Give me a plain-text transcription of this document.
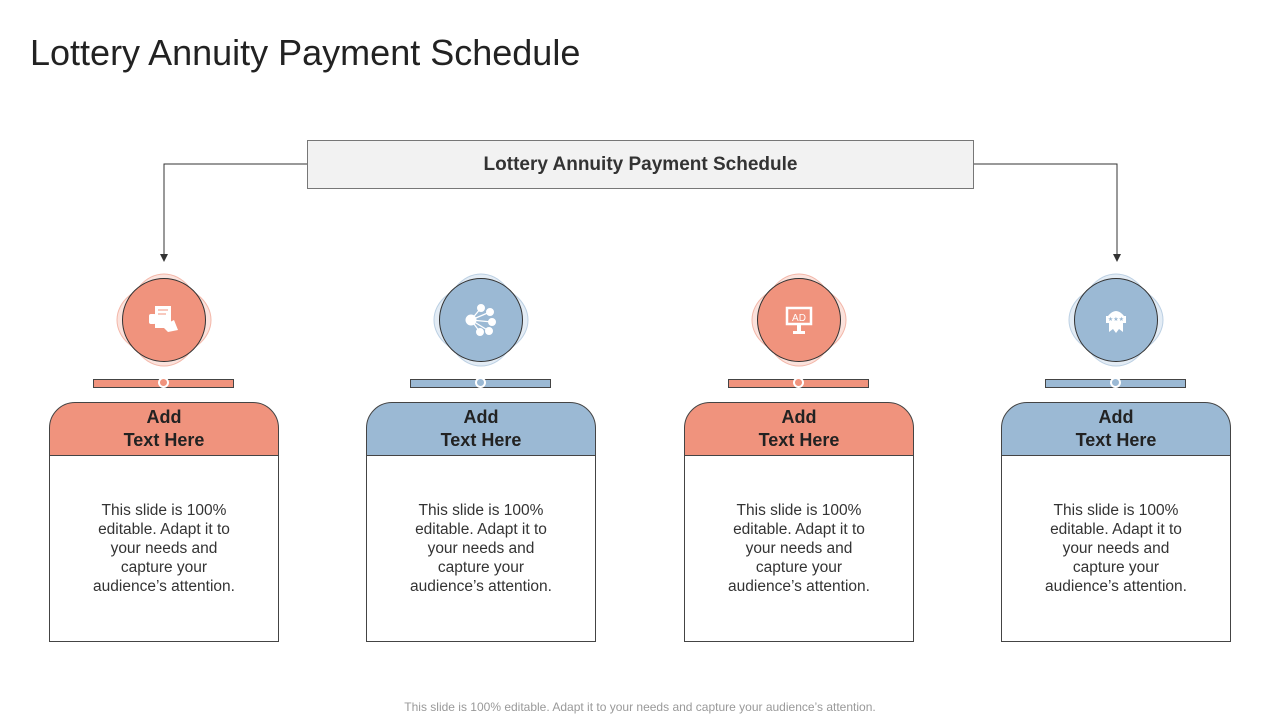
Lottery Annuity Payment Schedule
Lottery Annuity Payment Schedule
Add
Text Here
This slide is 100% editable. Adapt it to your needs and capture your audience’s attention.
Add
Text Here
This slide is 100% editable. Adapt it to your needs and capture your audience’s attention.
AD
Add
Text Here
This slide is 100% editable. Adapt it to your needs and capture your audience’s attention.
★★★
Add
Text Here
This slide is 100% editable. Adapt it to your needs and capture your audience’s attention.
This slide is 100% editable. Adapt it to your needs and capture your audience’s attention.
